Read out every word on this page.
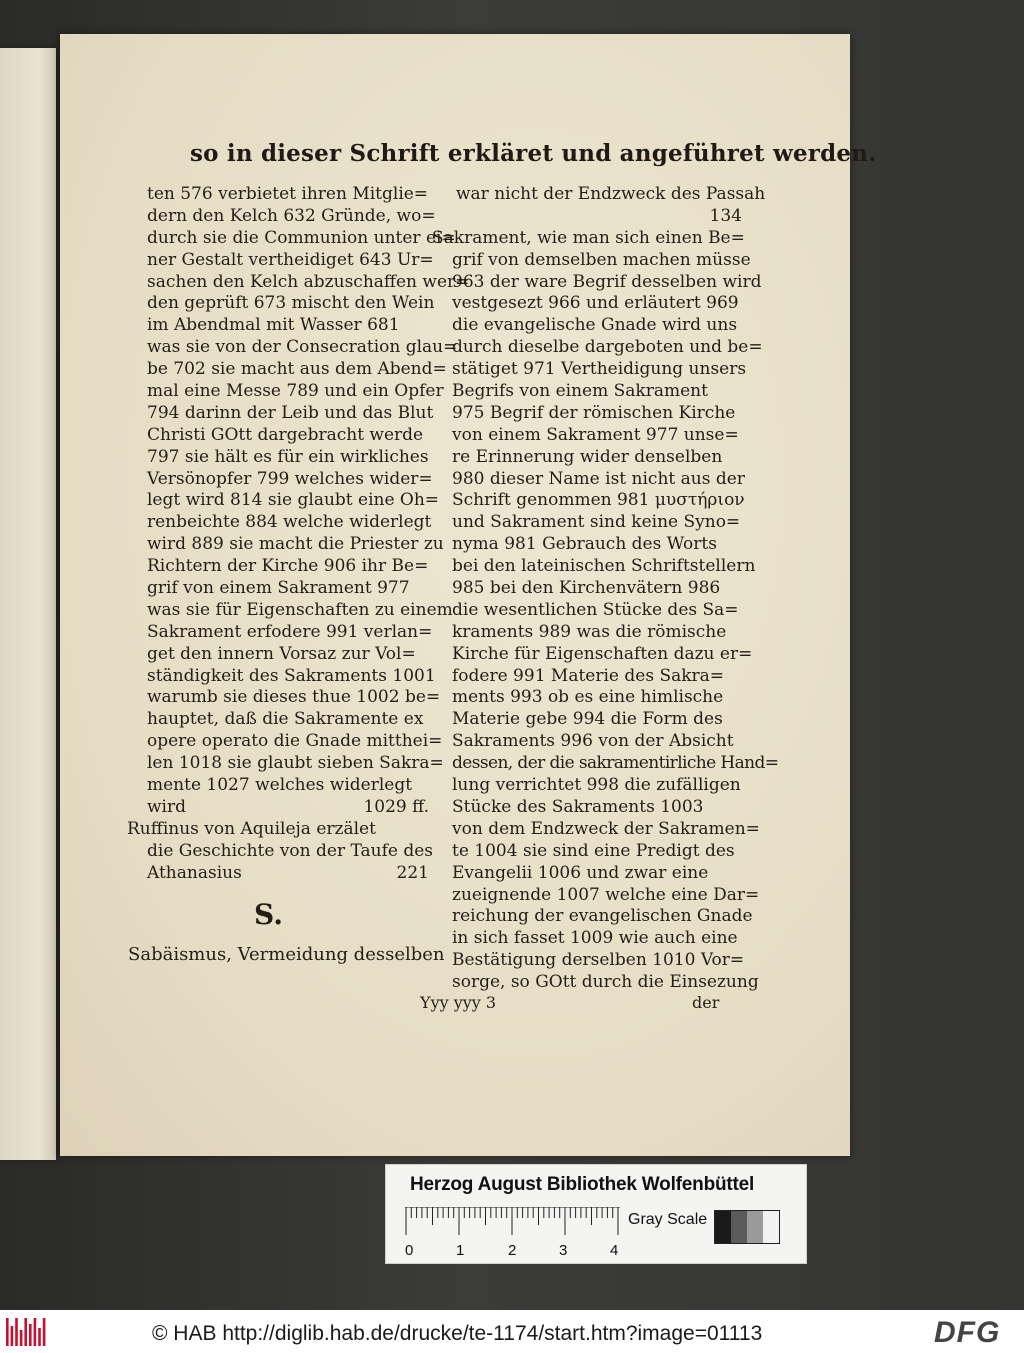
so in dieser Schrift erkläret und angeführet werden.
ten 576 verbietet ihren Mitglie=
dern den Kelch 632 Gründe, wo=
durch sie die Communion unter ei=
ner Gestalt vertheidiget 643 Ur=
sachen den Kelch abzuschaffen wer=
den geprüft 673 mischt den Wein
im Abendmal mit Wasser 681
was sie von der Consecration glau=
be 702 sie macht aus dem Abend=
mal eine Messe 789 und ein Opfer
794 darinn der Leib und das Blut
Christi GOtt dargebracht werde
797 sie hält es für ein wirkliches
Versönopfer 799 welches wider=
legt wird 814 sie glaubt eine Oh=
renbeichte 884 welche widerlegt
wird 889 sie macht die Priester zu
Richtern der Kirche 906 ihr Be=
grif von einem Sakrament 977
was sie für Eigenschaften zu einem
Sakrament erfodere 991 verlan=
get den innern Vorsaz zur Vol=
ständigkeit des Sakraments 1001
warumb sie dieses thue 1002 be=
hauptet, daß die Sakramente ex
opere operato die Gnade mitthei=
len 1018 sie glaubt sieben Sakra=
mente 1027 welches widerlegt
wird	1029 ff.
Ruffinus von Aquileja erzälet
die Geschichte von der Taufe des
Athanasius	221
S.
Sabäismus, Vermeidung desselben
war nicht der Endzweck des Passah
134
Sakrament, wie man sich einen Be=
grif von demselben machen müsse
963 der ware Begrif desselben wird
vestgesezt 966 und erläutert 969
die evangelische Gnade wird uns
durch dieselbe dargeboten und be=
stätiget 971 Vertheidigung unsers
Begrifs von einem Sakrament
975 Begrif der römischen Kirche
von einem Sakrament 977 unse=
re Erinnerung wider denselben
980 dieser Name ist nicht aus der
Schrift genommen 981 μυστήριον
und Sakrament sind keine Syno=
nyma 981 Gebrauch des Worts
bei den lateinischen Schriftstellern
985 bei den Kirchenvätern 986
die wesentlichen Stücke des Sa=
kraments 989 was die römische
Kirche für Eigenschaften dazu er=
fodere 991 Materie des Sakra=
ments 993 ob es eine himlische
Materie gebe 994 die Form des
Sakraments 996 von der Absicht
dessen, der die sakramentirliche Hand=
lung verrichtet 998 die zufälligen
Stücke des Sakraments 1003
von dem Endzweck der Sakramen=
te 1004 sie sind eine Predigt des
Evangelii 1006 und zwar eine
zueignende 1007 welche eine Dar=
reichung der evangelischen Gnade
in sich fasset 1009 wie auch eine
Bestätigung derselben 1010 Vor=
sorge, so GOtt durch die Einsezung
Yyy yyy 3	der
Herzog August Bibliothek Wolfenbüttel
0	1	2	3	4
Gray Scale
© HAB http://diglib.hab.de/drucke/te-1174/start.htm?image=01113	DFG
